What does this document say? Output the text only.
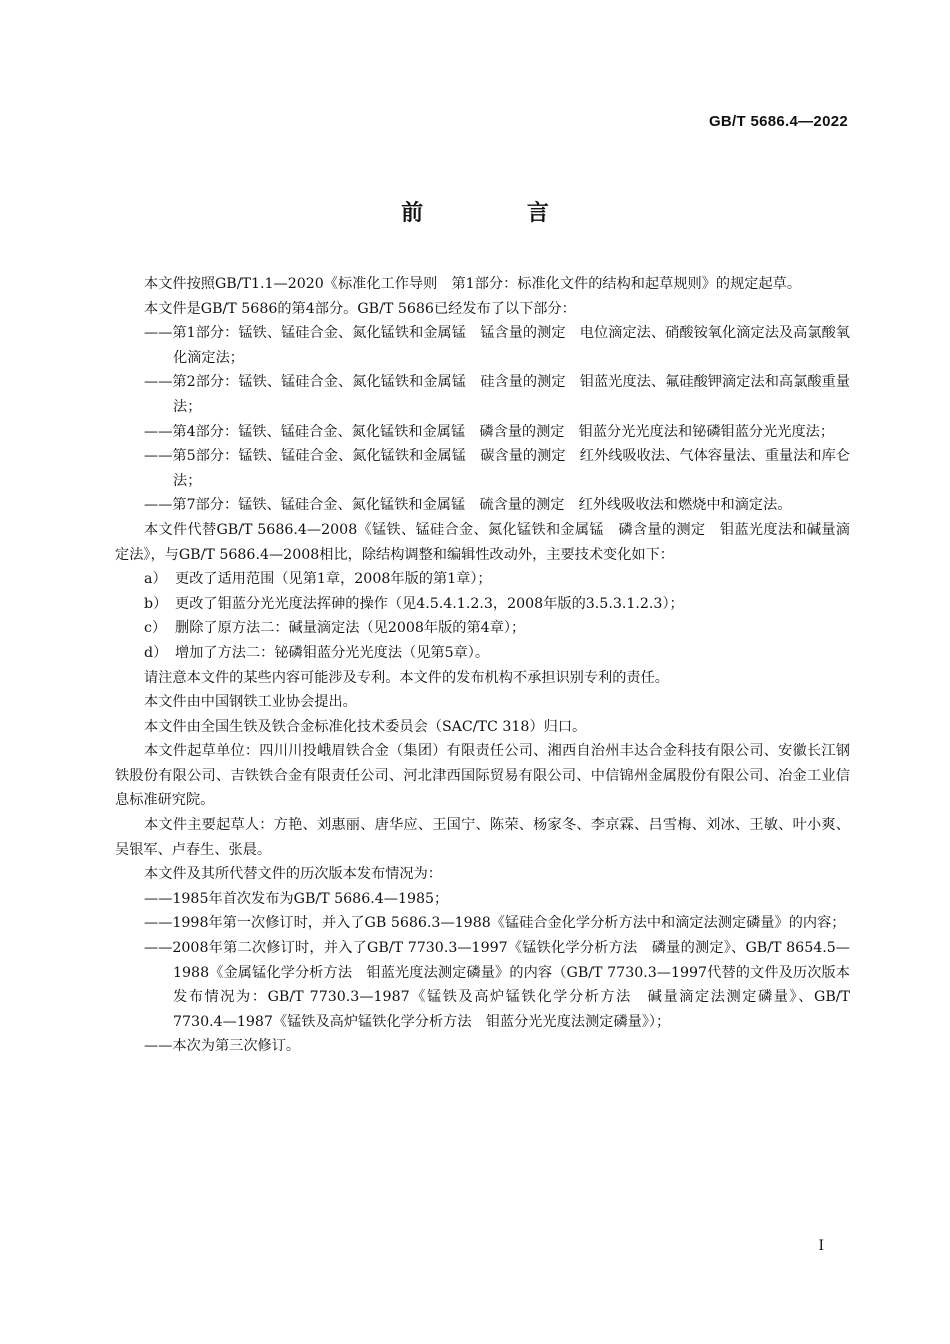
GB/T 5686.4—2022
前 言

本文件按照GB/T1.1—2020《标准化工作导则　第1部分：标准化文件的结构和起草规则》的规定起草。

本文件是GB/T 5686的第4部分。GB/T 5686已经发布了以下部分：

——第1部分：锰铁、锰硅合金、氮化锰铁和金属锰　锰含量的测定　电位滴定法、硝酸铵氧化滴定法及高氯酸氧化滴定法；

——第2部分：锰铁、锰硅合金、氮化锰铁和金属锰　硅含量的测定　钼蓝光度法、氟硅酸钾滴定法和高氯酸重量法；

——第4部分：锰铁、锰硅合金、氮化锰铁和金属锰　磷含量的测定　钼蓝分光光度法和铋磷钼蓝分光光度法；

——第5部分：锰铁、锰硅合金、氮化锰铁和金属锰　碳含量的测定　红外线吸收法、气体容量法、重量法和库仑法；

——第7部分：锰铁、锰硅合金、氮化锰铁和金属锰　硫含量的测定　红外线吸收法和燃烧中和滴定法。

本文件代替GB/T 5686.4—2008《锰铁、锰硅合金、氮化锰铁和金属锰　磷含量的测定　钼蓝光度法和碱量滴定法》，与GB/T 5686.4—2008相比，除结构调整和编辑性改动外，主要技术变化如下：

a） 更改了适用范围（见第1章，2008年版的第1章）；

b） 更改了钼蓝分光光度法挥砷的操作（见4.5.4.1.2.3，2008年版的3.5.3.1.2.3）；

c） 删除了原方法二：碱量滴定法（见2008年版的第4章）；

d） 增加了方法二：铋磷钼蓝分光光度法（见第5章）。

请注意本文件的某些内容可能涉及专利。本文件的发布机构不承担识别专利的责任。

本文件由中国钢铁工业协会提出。

本文件由全国生铁及铁合金标准化技术委员会（SAC/TC 318）归口。

本文件起草单位：四川川投峨眉铁合金（集团）有限责任公司、湘西自治州丰达合金科技有限公司、安徽长江钢铁股份有限公司、吉铁铁合金有限责任公司、河北津西国际贸易有限公司、中信锦州金属股份有限公司、冶金工业信息标准研究院。

本文件主要起草人：方艳、刘惠丽、唐华应、王国宁、陈荣、杨家冬、李京霖、吕雪梅、刘冰、王敏、叶小爽、吴银军、卢春生、张晨。

本文件及其所代替文件的历次版本发布情况为：

——1985年首次发布为GB/T 5686.4—1985；

——1998年第一次修订时，并入了GB 5686.3—1988《锰硅合金化学分析方法中和滴定法测定磷量》的内容；

——2008年第二次修订时，并入了GB/T 7730.3—1997《锰铁化学分析方法　磷量的测定》、GB/T 8654.5—1988《金属锰化学分析方法　钼蓝光度法测定磷量》的内容（GB/T 7730.3—1997代替的文件及历次版本发布情况为：GB/T 7730.3—1987《锰铁及高炉锰铁化学分析方法　碱量滴定法测定磷量》、GB/T 7730.4—1987《锰铁及高炉锰铁化学分析方法　钼蓝分光光度法测定磷量》）；

——本次为第三次修订。

Ⅰ
